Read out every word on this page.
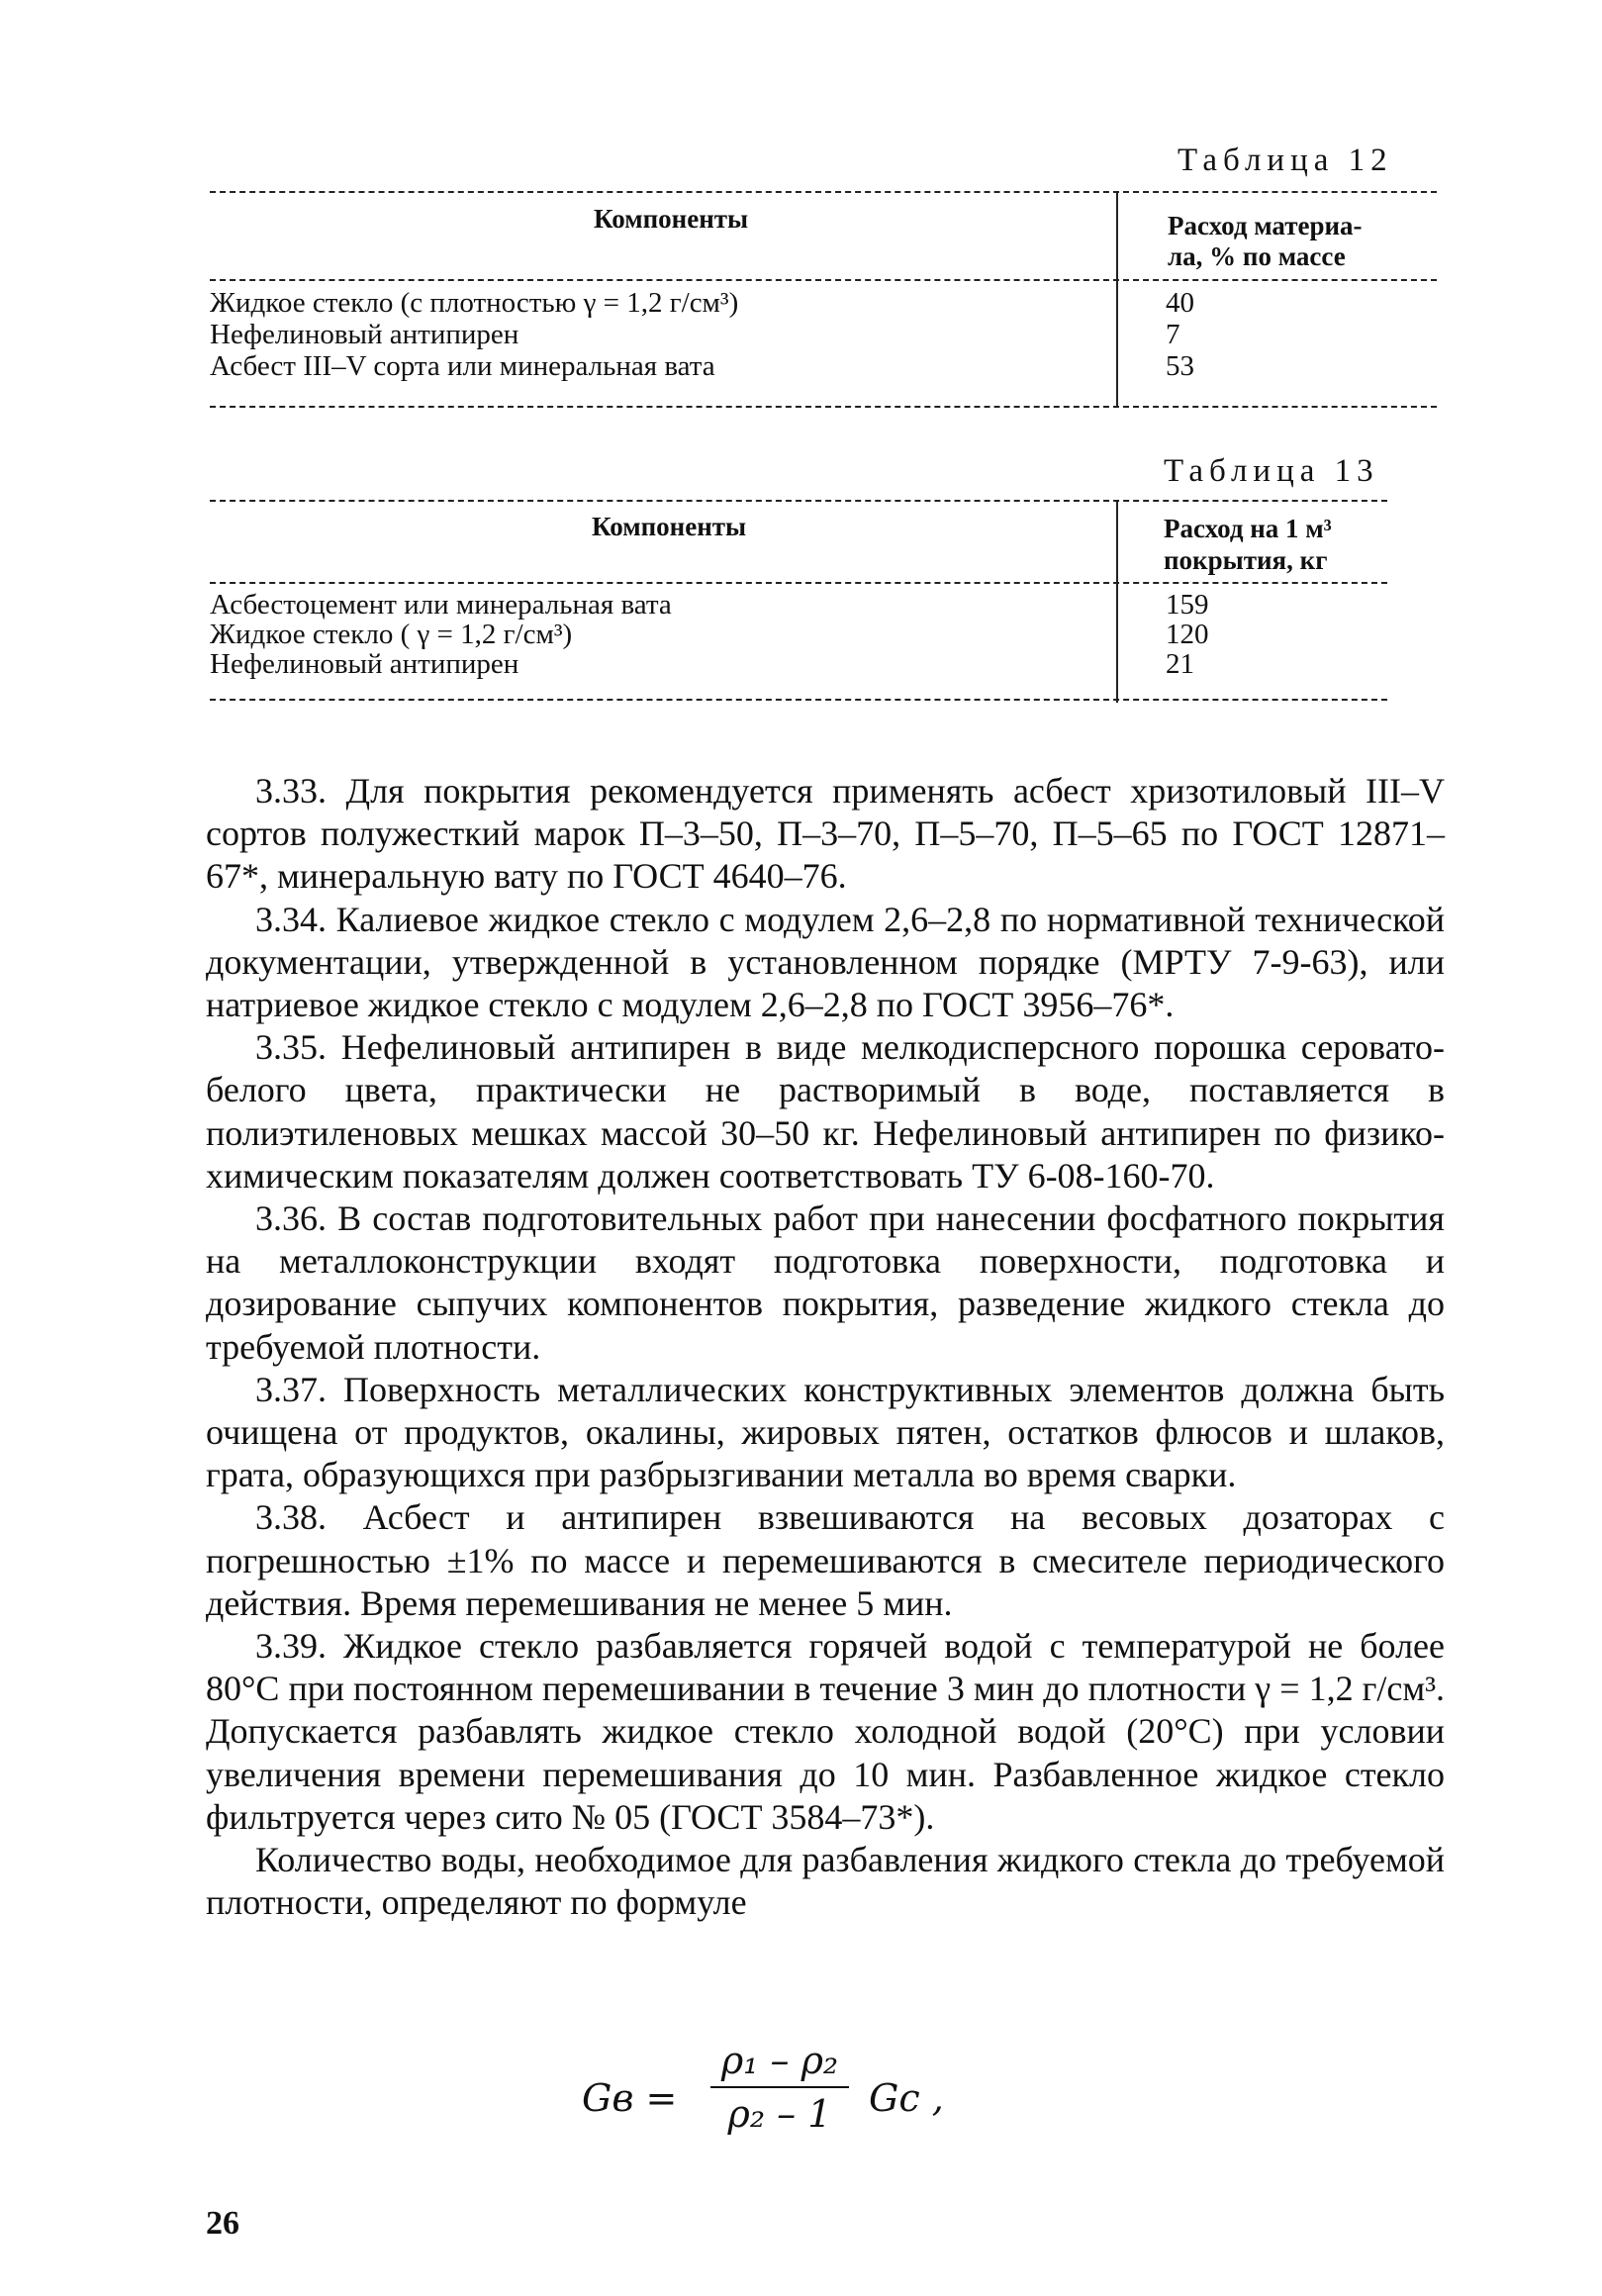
Таблица 12
Компоненты	Расход материа-
ла, % по массе
Жидкое стекло (с плотностью γ = 1,2 г/см³)	40
Нефелиновый антипирен	7
Асбест III–V сорта или минеральная вата	53
Таблица 13
Компоненты	Расход на 1 м³
покрытия, кг
Асбестоцемент или минеральная вата	159
Жидкое стекло ( γ = 1,2 г/см³)	120
Нефелиновый антипирен	21

3.33. Для покрытия рекомендуется применять асбест хризотиловый III–V сортов полужесткий марок П–3–50, П–3–70, П–5–70, П–5–65 по ГОСТ 12871–67*, минеральную вату по ГОСТ 4640–76.

3.34. Калиевое жидкое стекло с модулем 2,6–2,8 по нормативной технической документации, утвержденной в установленном порядке (МРТУ 7-9-63), или натриевое жидкое стекло с модулем 2,6–2,8 по ГОСТ 3956–76*.

3.35. Нефелиновый антипирен в виде мелкодисперсного порошка серовато-белого цвета, практически не растворимый в воде, поставляется в полиэтиленовых мешках массой 30–50 кг. Нефелиновый антипирен по физико-химическим показателям должен соответствовать ТУ 6-08-160-70.

3.36. В состав подготовительных работ при нанесении фосфатного покрытия на металлоконструкции входят подготовка поверхности, подготовка и дозирование сыпучих компонентов покрытия, разведение жидкого стекла до требуемой плотности.

3.37. Поверхность металлических конструктивных элементов должна быть очищена от продуктов, окалины, жировых пятен, остатков флюсов и шлаков, грата, образующихся при разбрызгивании металла во время сварки.

3.38. Асбест и антипирен взвешиваются на весовых дозаторах с погрешностью ±1% по массе и перемешиваются в смесителе периодического действия. Время перемешивания не менее 5 мин.

3.39. Жидкое стекло разбавляется горячей водой с температурой не более 80°С при постоянном перемешивании в течение 3 мин до плотности γ = 1,2 г/см³. Допускается разбавлять жидкое стекло холодной водой (20°С) при условии увеличения времени перемешивания до 10 мин. Разбавленное жидкое стекло фильтруется через сито № 05 (ГОСТ 3584–73*).

Количество воды, необходимое для разбавления жидкого стекла до требуемой плотности, определяют по формуле

Gв = $\frac{\text{ρ₁ – ρ₂}}{\text{ρ₂ – 1}}$ Gс ,
26
